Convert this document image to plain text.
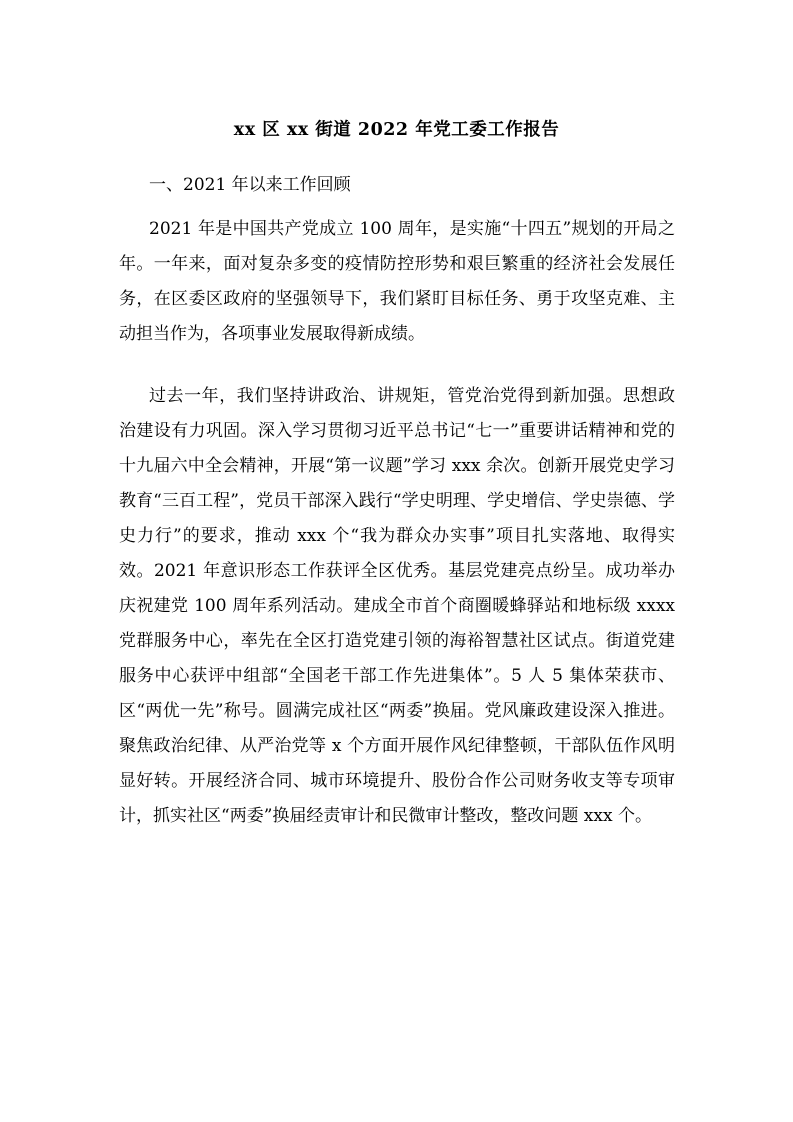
xx 区 xx 街道 2022 年党工委工作报告

一、2021 年以来工作回顾

2021 年是中国共产党成立 100 周年，是实施“十四五”规划的开局之年。一年来，面对复杂多变的疫情防控形势和艰巨繁重的经济社会发展任务，在区委区政府的坚强领导下，我们紧盯目标任务、勇于攻坚克难、主动担当作为，各项事业发展取得新成绩。

过去一年，我们坚持讲政治、讲规矩，管党治党得到新加强。思想政治建设有力巩固。深入学习贯彻习近平总书记“七一”重要讲话精神和党的十九届六中全会精神，开展“第一议题”学习 xxx 余次。创新开展党史学习教育“三百工程”，党员干部深入践行“学史明理、学史增信、学史崇德、学史力行”的要求，推动 xxx 个“我为群众办实事”项目扎实落地、取得实效。2021 年意识形态工作获评全区优秀。基层党建亮点纷呈。成功举办庆祝建党 100 周年系列活动。建成全市首个商圈暖蜂驿站和地标级 xxxx 党群服务中心，率先在全区打造党建引领的海裕智慧社区试点。街道党建服务中心获评中组部“全国老干部工作先进集体”。5 人 5 集体荣获市、区“两优一先”称号。圆满完成社区“两委”换届。党风廉政建设深入推进。聚焦政治纪律、从严治党等 x 个方面开展作风纪律整顿，干部队伍作风明显好转。开展经济合同、城市环境提升、股份合作公司财务收支等专项审计，抓实社区“两委”换届经责审计和民微审计整改，整改问题 xxx 个。
